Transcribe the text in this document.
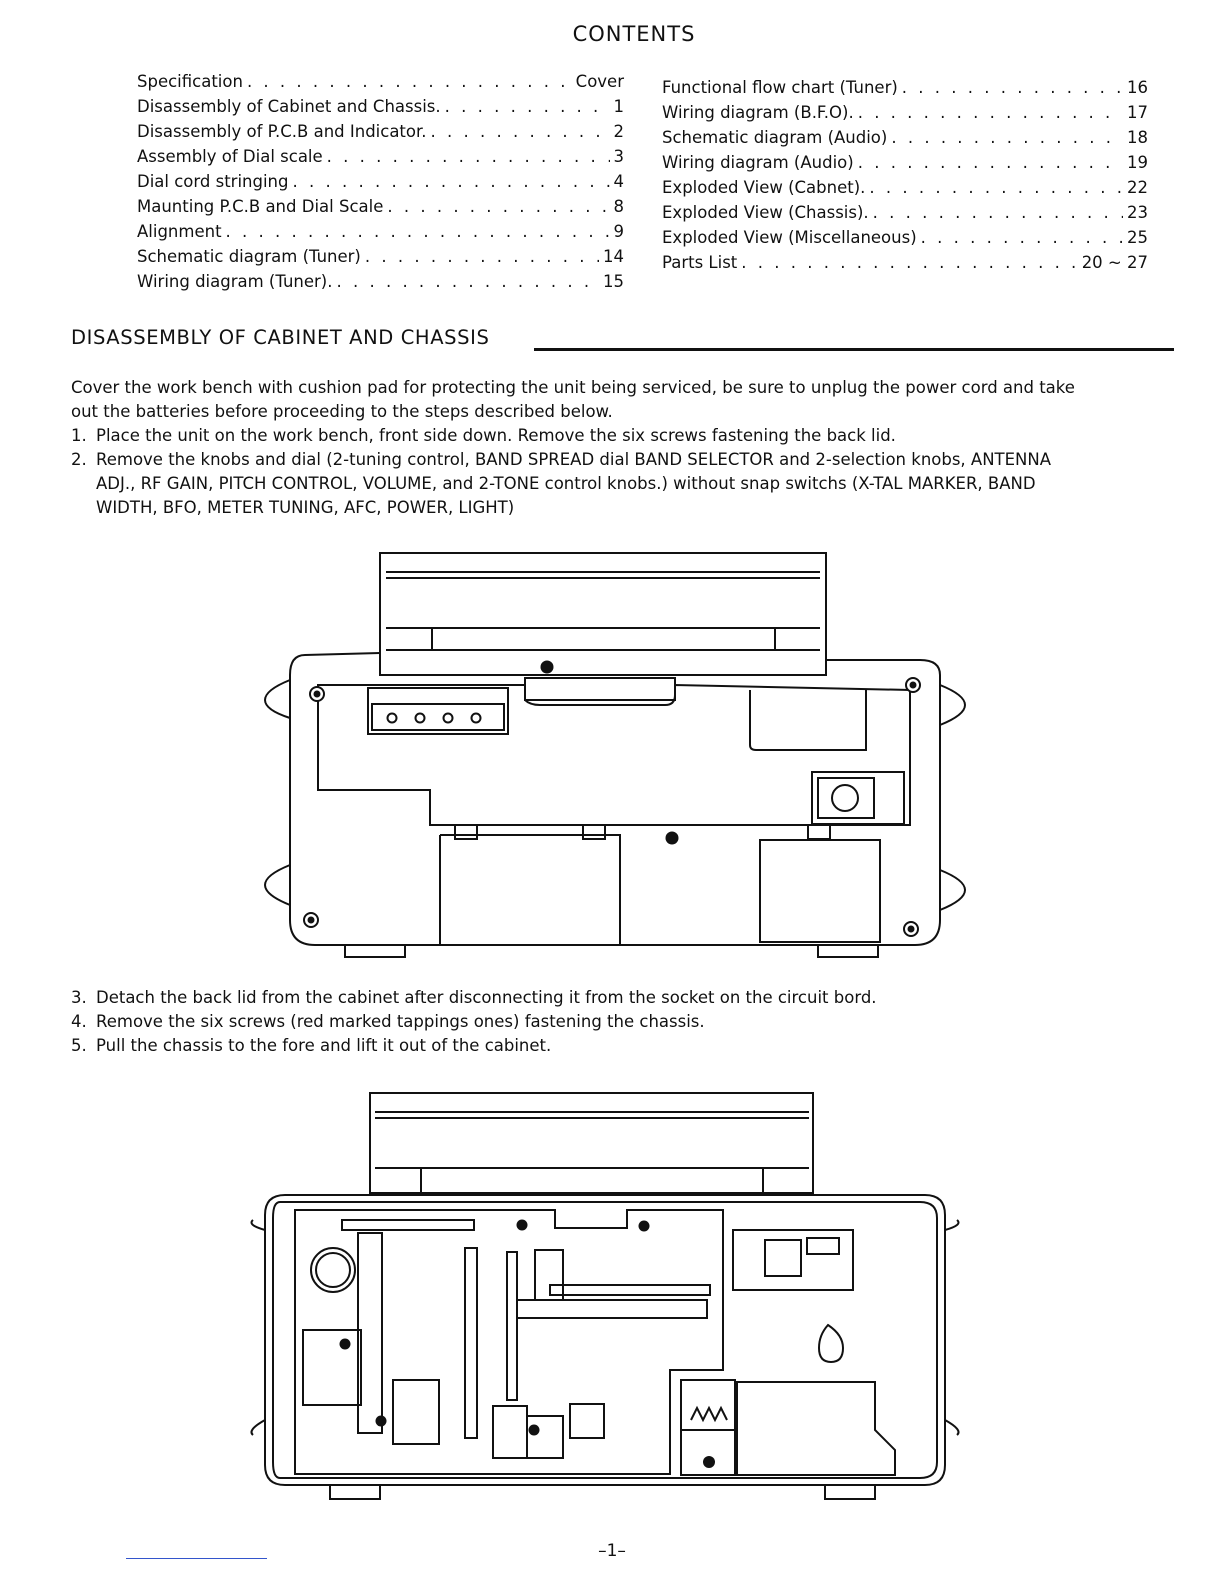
CONTENTS
Specification . . .	Cover
Disassembly of Cabinet and Chassis. . . .	1
Disassembly of P.C.B and Indicator. . . .	2
Assembly of Dial scale . . .	3
Dial cord stringing . . .	4
Maunting P.C.B and Dial Scale . . .	8
Alignment . . .	9
Schematic diagram (Tuner) . . .	14
Wiring diagram (Tuner). . . .	15
Functional flow chart (Tuner) . . .	16
Wiring diagram (B.F.O). . . .	17
Schematic diagram (Audio) . . .	18
Wiring diagram (Audio) . . .	19
Exploded View (Cabnet). . . .	22
Exploded View (Chassis). . . .	23
Exploded View (Miscellaneous) . . .	25
Parts List . . .	20 ~ 27
DISASSEMBLY OF CABINET AND CHASSIS
Cover the work bench with cushion pad for protecting the unit being serviced, be sure to unplug the power cord and take out the batteries before proceeding to the steps described below.
1. Place the unit on the work bench, front side down. Remove the six screws fastening the back lid.
2. Remove the knobs and dial (2-tuning control, BAND SPREAD dial BAND SELECTOR and 2-selection knobs, ANTENNA ADJ., RF GAIN, PITCH CONTROL, VOLUME, and 2-TONE control knobs.) without snap switchs (X-TAL MARKER, BAND WIDTH, BFO, METER TUNING, AFC, POWER, LIGHT)
3. Detach the back lid from the cabinet after disconnecting it from the socket on the circuit bord.
4. Remove the six screws (red marked tappings ones) fastening the chassis.
5. Pull the chassis to the fore and lift it out of the cabinet.
–1–
